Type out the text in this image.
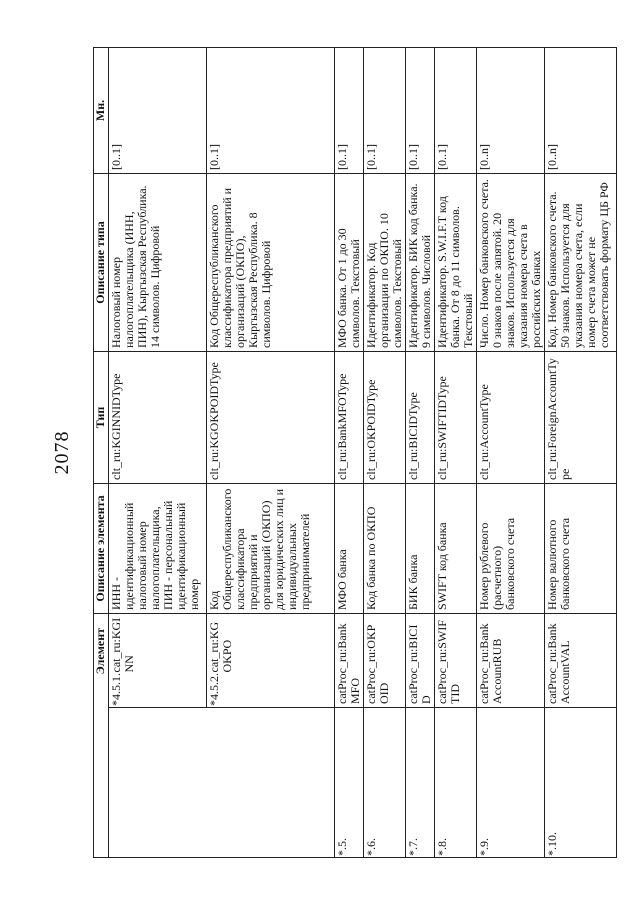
2078
Элемент			Описание элемента	Тип	Описание типа	Мн.
	*4.5.1.	cat_ru:KGINN	ИНН - идентификационный налоговый номер налогоплательщика, ПИН - персональный идентификационный номер	clt_ru:KGINNIDType	Налоговый номер налогоплательщика (ИНН, ПИН), Кыргызская Республика. 14 символов. Цифровой	[0..1]
	*4.5.2.	cat_ru:KGOKPO	Код Общереспубликанского классификатора предприятий и организаций (ОКПО) для юридических лиц и индивидуальных предпринимателей	clt_ru:KGOKPOIDType	Код Общереспубликанского классификатора предприятий и организаций (ОКПО), Кыргызская Республика. 8 символов. Цифровой	[0..1]
*.5.	catProc_ru:BankMFO		МФО банка	clt_ru:BankMFOType	МФО банка. От 1 до 30 символов. Текстовый	[0..1]
*.6.	catProc_ru:OKPOID		Код банка по ОКПО	clt_ru:OKPOIDType	Идентификатор. Код организации по ОКПО. 10 символов. Текстовый	[0..1]
*.7.	catProc_ru:BICID		БИК банка	clt_ru:BICIDType	Идентификатор. БИК код банка. 9 символов. Числовой	[0..1]
*.8.	catProc_ru:SWIFTID		SWIFT код банка	clt_ru:SWIFTIDType	Идентификатор. S.W.I.F.T код банка. От 8 до 11 символов. Текстовый	[0..1]
*.9.	catProc_ru:BankAccountRUB		Номер рублевого (расчетного) банковского счета	clt_ru:AccountType	Число. Номер банковского счета. 0 знаков после запятой. 20 знаков. Используется для указания номера счета в российских банках	[0..n]
*.10.	catProc_ru:BankAccountVAL		Номер валютного банковского счета	clt_ru:ForeignAccountType	Код. Номер банковского счета. 50 знаков. Используется для указания номера счета, если номер счета может не соответствовать формату ЦБ РФ	[0..n]
